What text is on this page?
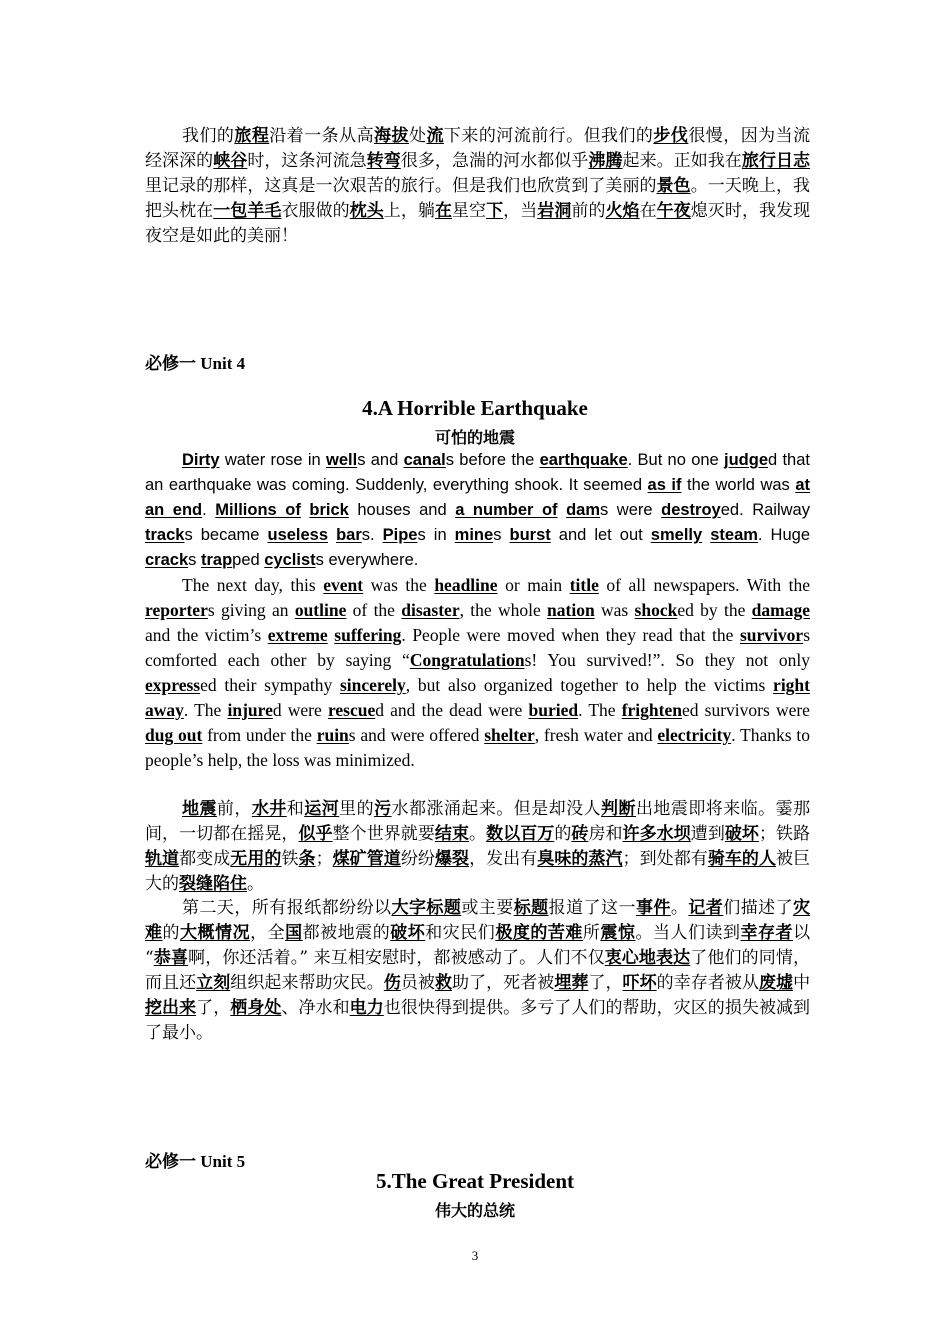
我们的旅程沿着一条从高海拔处流下来的河流前行。但我们的步伐很慢，因为当流经深深的峡谷时，这条河流急转弯很多，急湍的河水都似乎沸腾起来。正如我在旅行日志里记录的那样，这真是一次艰苦的旅行。但是我们也欣赏到了美丽的景色。一天晚上，我把头枕在一包羊毛衣服做的枕头上，躺在星空下，当岩洞前的火焰在午夜熄灭时，我发现夜空是如此的美丽！

必修一 Unit 4
4.A Horrible Earthquake
可怕的地震

Dirty water rose in wells and canals before the earthquake. But no one judged that an earthquake was coming. Suddenly, everything shook. It seemed as if the world was at an end. Millions of brick houses and a number of dams were destroyed. Railway tracks became useless bars. Pipes in mines burst and let out smelly steam. Huge cracks trapped cyclists everywhere.

The next day, this event was the headline or main title of all newspapers. With the reporters giving an outline of the disaster, the whole nation was shocked by the damage and the victim’s extreme suffering. People were moved when they read that the survivors comforted each other by saying “Congratulations! You survived!”. So they not only expressed their sympathy sincerely, but also organized together to help the victims right away. The injured were rescued and the dead were buried. The frightened survivors were dug out from under the ruins and were offered shelter, fresh water and electricity. Thanks to people’s help, the loss was minimized.

地震前，水井和运河里的污水都涨涌起来。但是却没人判断出地震即将来临。霎那间，一切都在摇晃，似乎整个世界就要结束。数以百万的砖房和许多水坝遭到破坏；铁路轨道都变成无用的铁条；煤矿管道纷纷爆裂，发出有臭味的蒸汽；到处都有骑车的人被巨大的裂缝陷住。

第二天，所有报纸都纷纷以大字标题或主要标题报道了这一事件。记者们描述了灾难的大概情况，全国都被地震的破坏和灾民们极度的苦难所震惊。当人们读到幸存者以 “恭喜啊，你还活着。” 来互相安慰时，都被感动了。人们不仅衷心地表达了他们的同情，而且还立刻组织起来帮助灾民。伤员被救助了，死者被埋葬了，吓坏的幸存者被从废墟中挖出来了，栖身处、净水和电力也很快得到提供。多亏了人们的帮助，灾区的损失被减到了最小。

必修一 Unit 5
5.The Great President
伟大的总统
3
